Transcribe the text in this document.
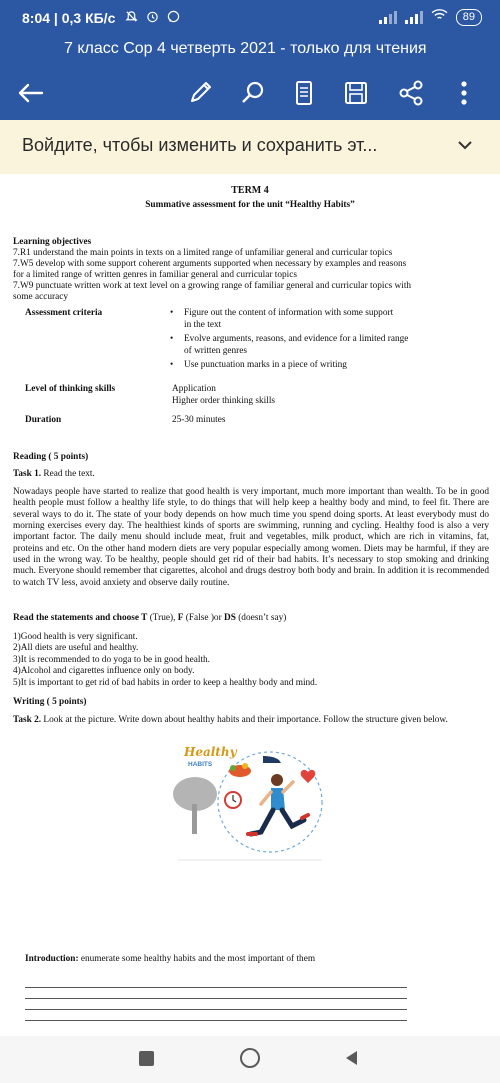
8:04 | 0,3 КБ/с	89
7 класс Сор 4 четверть 2021 - только для чтения
Войдите, чтобы изменить и сохранить эт...
TERM 4
Summative assessment for the unit “Healthy Habits”
Learning objectives
7.R1 understand the main points in texts on a limited range of unfamiliar general and curricular topics
7.W5 develop with some support coherent arguments supported when necessary by examples and reasons
for a limited range of written genres in familiar general and curricular topics
7.W9 punctuate written work at text level on a growing range of familiar general and curricular topics with
some accuracy
Assessment criteria	• Figure out the content of information with some support
in the text
• Evolve arguments, reasons, and evidence for a limited range
of written genres
• Use punctuation marks in a piece of writing
Level of thinking skills	Application
Higher order thinking skills
Duration	25-30 minutes
Reading ( 5 points)
Task 1. Read the text.
Nowadays people have started to realize that good health is very important, much more important than wealth. To be in good health people must follow a healthy life style, to do things that will help keep a healthy body and mind, to feel fit. There are several ways to do it. The state of your body depends on how much time you spend doing sports. At least everybody must do morning exercises every day. The healthiest kinds of sports are swimming, running and cycling. Healthy food is also a very important factor. The daily menu should include meat, fruit and vegetables, milk product, which are rich in vitamins, fat, proteins and etc. On the other hand modern diets are very popular especially among women. Diets may be harmful, if they are used in the wrong way. To be healthy, people should get rid of their bad habits. It’s necessary to stop smoking and drinking much. Everyone should remember that cigarettes, alcohol and drugs destroy both body and brain. In addition it is recommended to watch TV less, avoid anxiety and observe daily routine.
Read the statements and choose T (True), F (False )or DS (doesn’t say)
1)Good health is very significant.
2)All diets are useful and healthy.
3)It is recommended to do yoga to be in good health.
4)Alcohol and cigarettes influence only on body.
5)It is important to get rid of bad habits in order to keep a healthy body and mind.
Writing ( 5 points)
Task 2. Look at the picture. Write down about healthy habits and their importance. Follow the structure given below.
Healthy
HABITS
Introduction: enumerate some healthy habits and the most important of them
